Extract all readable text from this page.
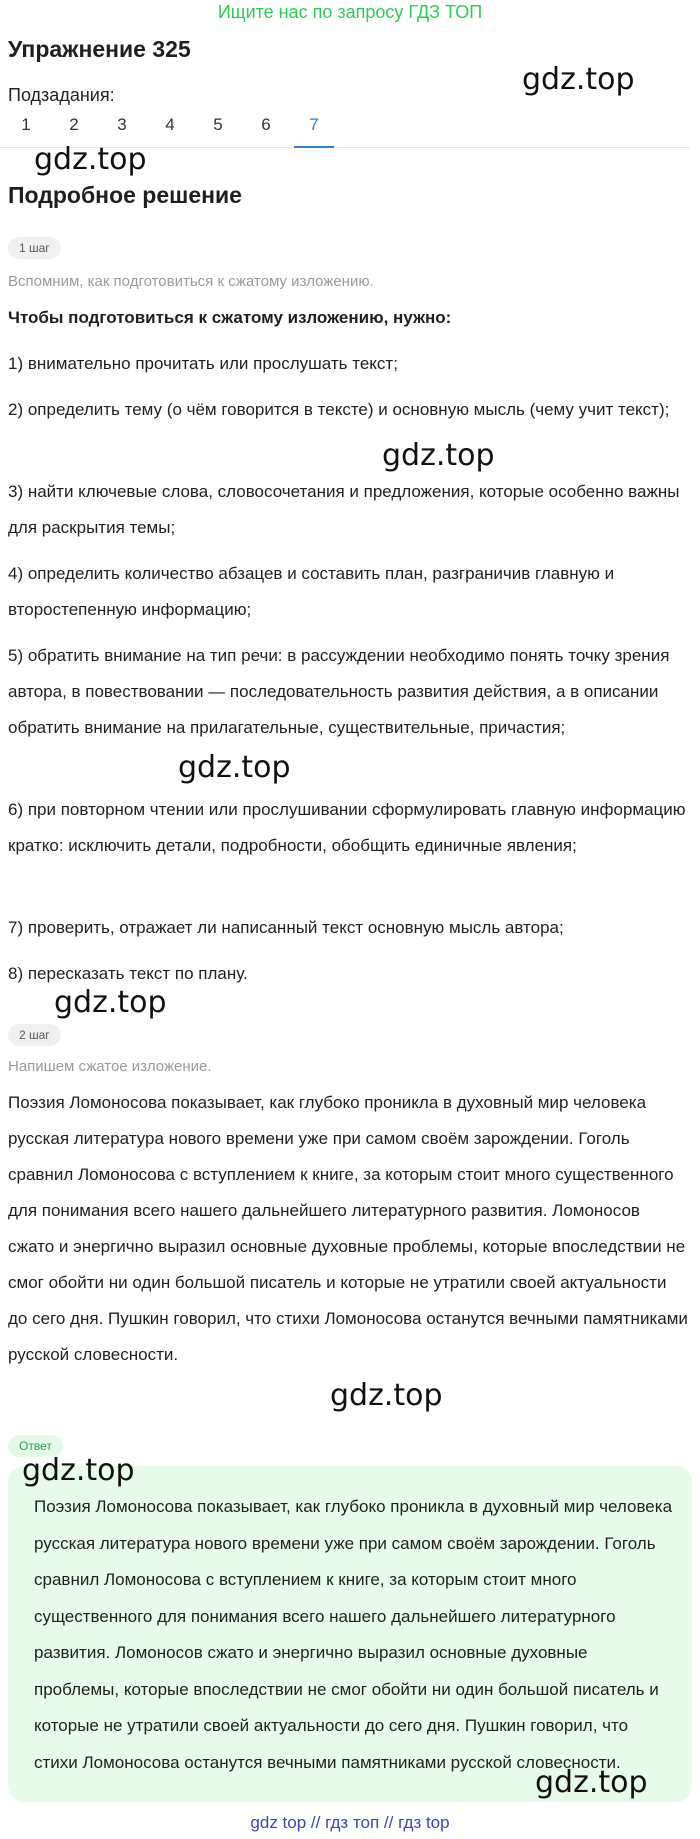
Ищите нас по запросу ГДЗ ТОП
Упражнение 325
Подзадания:
1	2	3	4	5	6	7
Подробное решение
1 шаг
Вспомним, как подготовиться к сжатому изложению.
Чтобы подготовиться к сжатому изложению, нужно:
1) внимательно прочитать или прослушать текст;
2) определить тему (о чём говорится в тексте) и основную мысль (чему учит текст);
3) найти ключевые слова, словосочетания и предложения, которые особенно важны для раскрытия темы;
4) определить количество абзацев и составить план, разграничив главную и второстепенную информацию;
5) обратить внимание на тип речи: в рассуждении необходимо понять точку зрения автора, в повествовании — последовательность развития действия, а в описании обратить внимание на прилагательные, существительные, причастия;
6) при повторном чтении или прослушивании сформулировать главную информацию кратко: исключить детали, подробности, обобщить единичные явления;
7) проверить, отражает ли написанный текст основную мысль автора;
8) пересказать текст по плану.
2 шаг
Напишем сжатое изложение.
Поэзия Ломоносова показывает, как глубоко проникла в духовный мир человека русская литература нового времени уже при самом своём зарождении. Гоголь сравнил Ломоносова с вступлением к книге, за которым стоит много существенного для понимания всего нашего дальнейшего литературного развития. Ломоносов сжато и энергично выразил основные духовные проблемы, которые впоследствии не смог обойти ни один большой писатель и которые не утратили своей актуальности до сего дня. Пушкин говорил, что стихи Ломоносова останутся вечными памятниками русской словесности.
Ответ
Поэзия Ломоносова показывает, как глубоко проникла в духовный мир человека русская литература нового времени уже при самом своём зарождении. Гоголь сравнил Ломоносова с вступлением к книге, за которым стоит много существенного для понимания всего нашего дальнейшего литературного развития. Ломоносов сжато и энергично выразил основные духовные проблемы, которые впоследствии не смог обойти ни один большой писатель и которые не утратили своей актуальности до сего дня. Пушкин говорил, что стихи Ломоносова останутся вечными памятниками русской словесности.
gdz.top
gdz.top
gdz.top
gdz.top
gdz.top
gdz.top
gdz.top
gdz.top
gdz top // гдз топ // гдз top
